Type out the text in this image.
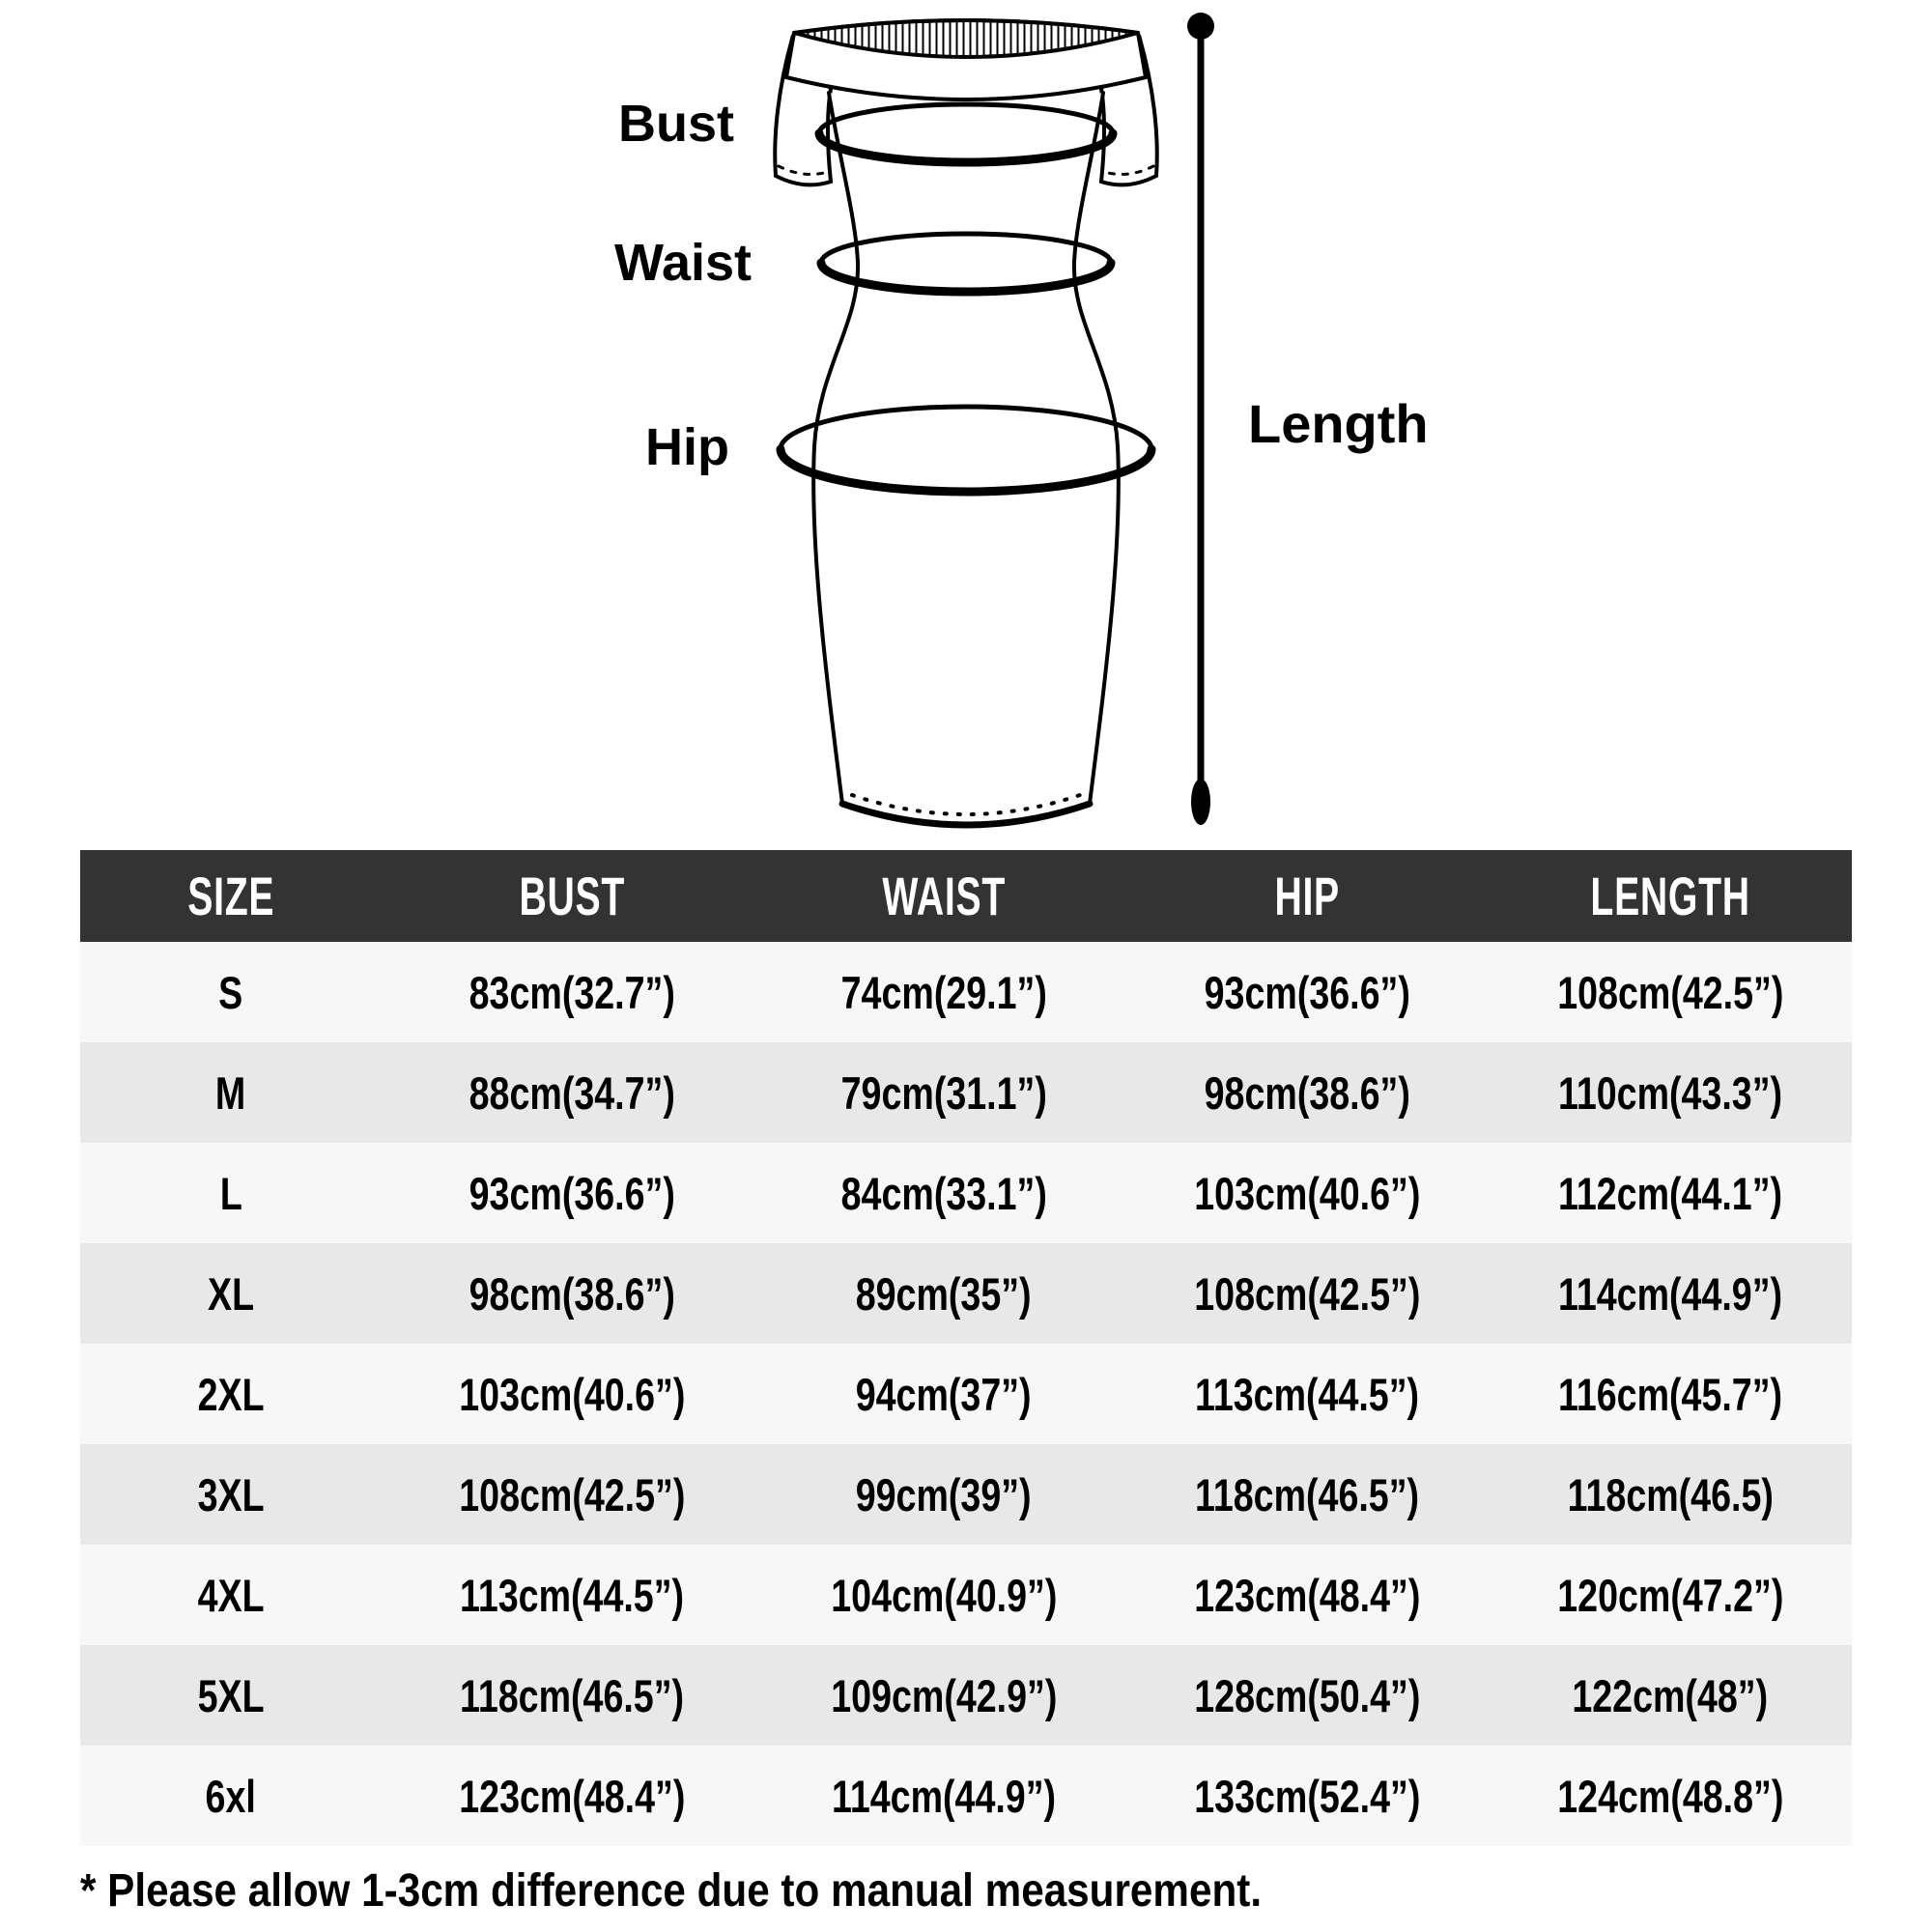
Bust
Waist
Hip	Length
SIZE	BUST	WAIST	HIP	LENGTH
S	83cm(32.7”)	74cm(29.1”)	93cm(36.6”)	108cm(42.5”)
M	88cm(34.7”)	79cm(31.1”)	98cm(38.6”)	110cm(43.3”)
L	93cm(36.6”)	84cm(33.1”)	103cm(40.6”)	112cm(44.1”)
XL	98cm(38.6”)	89cm(35”)	108cm(42.5”)	114cm(44.9”)
2XL	103cm(40.6”)	94cm(37”)	113cm(44.5”)	116cm(45.7”)
3XL	108cm(42.5”)	99cm(39”)	118cm(46.5”)	118cm(46.5)
4XL	113cm(44.5”)	104cm(40.9”)	123cm(48.4”)	120cm(47.2”)
5XL	118cm(46.5”)	109cm(42.9”)	128cm(50.4”)	122cm(48”)
6xl	123cm(48.4”)	114cm(44.9”)	133cm(52.4”)	124cm(48.8”)
* Please allow 1-3cm difference due to manual measurement.
